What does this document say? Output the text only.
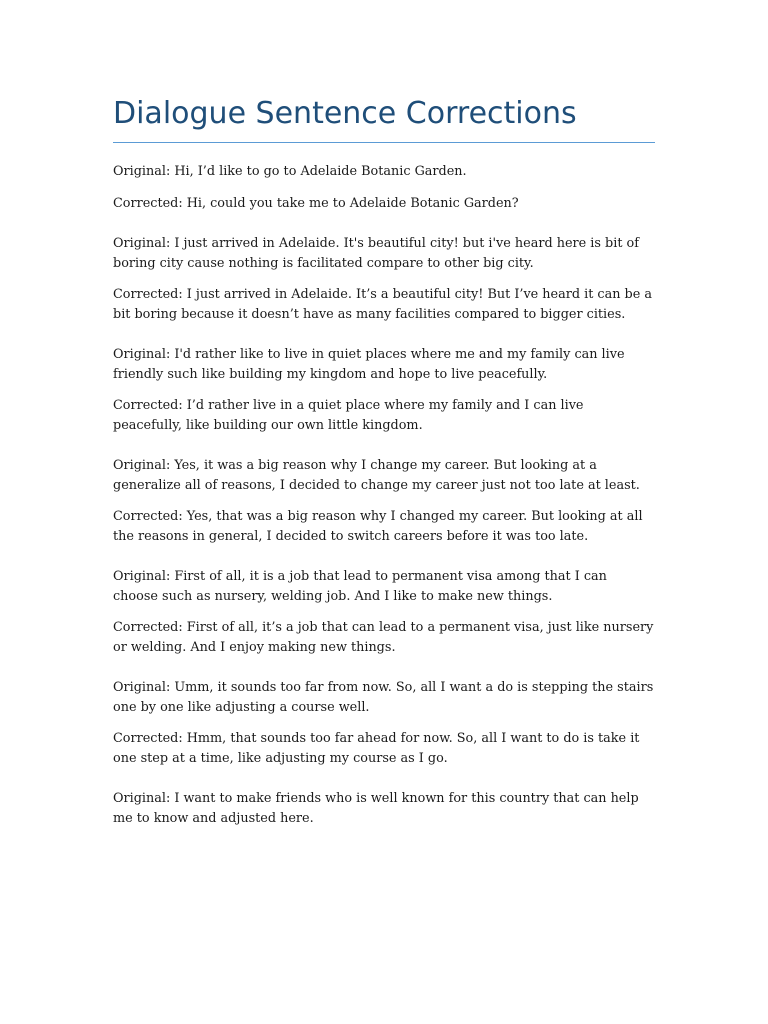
Dialogue Sentence Corrections

Original: Hi, I’d like to go to Adelaide Botanic Garden.

Corrected: Hi, could you take me to Adelaide Botanic Garden?

Original: I just arrived in Adelaide. It's beautiful city! but i've heard here is bit of boring city cause nothing is facilitated compare to other big city.

Corrected: I just arrived in Adelaide. It’s a beautiful city! But I’ve heard it can be a bit boring because it doesn’t have as many facilities compared to bigger cities.

Original: I'd rather like to live in quiet places where me and my family can live friendly such like building my kingdom and hope to live peacefully.

Corrected: I’d rather live in a quiet place where my family and I can live peacefully, like building our own little kingdom.

Original: Yes, it was a big reason why I change my career. But looking at a generalize all of reasons, I decided to change my career just not too late at least.

Corrected: Yes, that was a big reason why I changed my career. But looking at all the reasons in general, I decided to switch careers before it was too late.

Original: First of all, it is a job that lead to permanent visa among that I can choose such as nursery, welding job. And I like to make new things.

Corrected: First of all, it’s a job that can lead to a permanent visa, just like nursery or welding. And I enjoy making new things.

Original: Umm, it sounds too far from now. So, all I want a do is stepping the stairs one by one like adjusting a course well.

Corrected: Hmm, that sounds too far ahead for now. So, all I want to do is take it one step at a time, like adjusting my course as I go.

Original: I want to make friends who is well known for this country that can help me to know and adjusted here.
